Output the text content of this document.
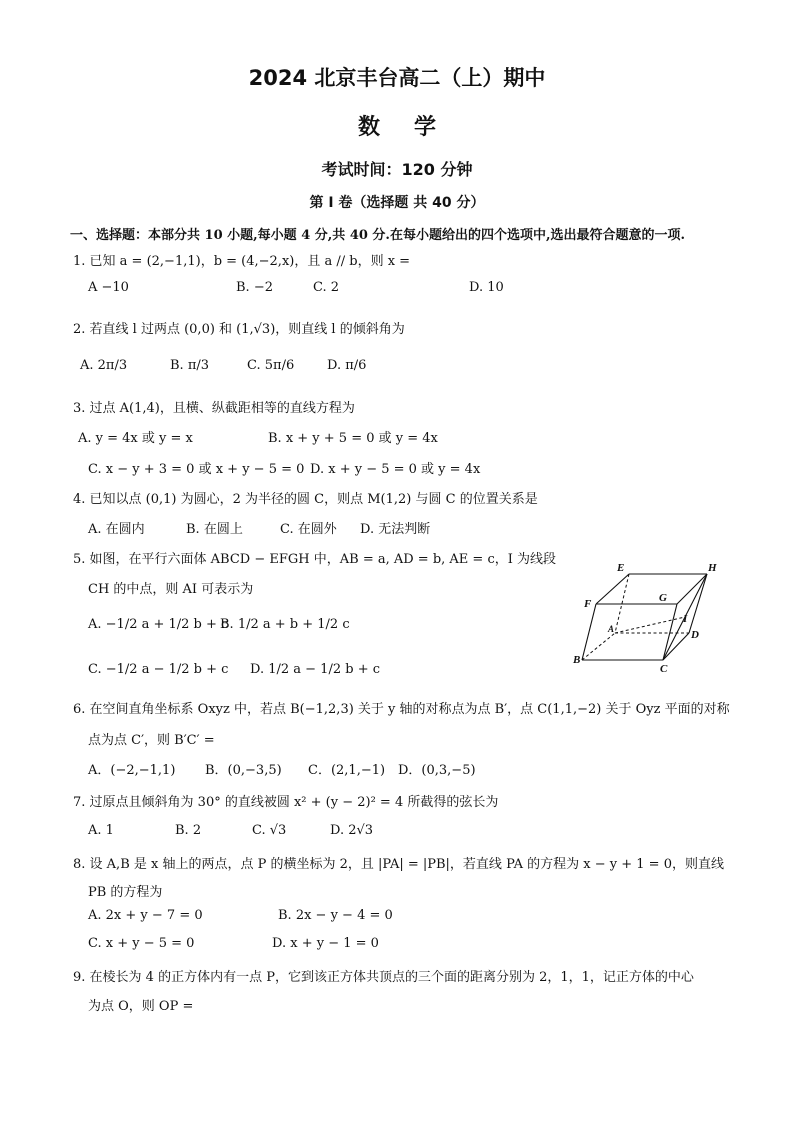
2024 北京丰台高二（上）期中
数学
考试时间：120 分钟
第 I 卷（选择题 共 40 分）
一、选择题：本部分共 10 小题,每小题 4 分,共 40 分.在每小题给出的四个选项中,选出最符合题意的一项.
1. 已知 a = (2,−1,1)，b = (4,−2,x)，且 a // b，则 x =
A −10	B. −2	C. 2	D. 10
2. 若直线 l 过两点 (0,0) 和 (1,√3)，则直线 l 的倾斜角为
A. 2π/3	B. π/3	C. 5π/6	D. π/6
3. 过点 A(1,4)，且横、纵截距相等的直线方程为
A. y = 4x 或 y = x	B. x + y + 5 = 0 或 y = 4x
C. x − y + 3 = 0 或 x + y − 5 = 0 D. x + y − 5 = 0 或 y = 4x
4. 已知以点 (0,1) 为圆心，2 为半径的圆 C，则点 M(1,2) 与圆 C 的位置关系是
A. 在圆内	B. 在圆上	C. 在圆外 D. 无法判断
5. 如图，在平行六面体 ABCD − EFGH 中，AB = a, AD = b, AE = c，I 为线段
CH 的中点，则 AI 可表示为
A. −1/2 a + 1/2 b + c
B. 1/2 a + b + 1/2 c
C. −1/2 a − 1/2 b + c D. 1/2 a − 1/2 b + c
E	H
F	G
A
I
D
B
C
6. 在空间直角坐标系 Oxyz 中，若点 B(−1,2,3) 关于 y 轴的对称点为点 B′，点 C(1,1,−2) 关于 Oyz 平面的对称
点为点 C′，则 B′C′ =
A．(−2,−1,1) B．(0,−3,5) C．(2,1,−1) D．(0,3,−5)
7. 过原点且倾斜角为 30° 的直线被圆 x² + (y − 2)² = 4 所截得的弦长为
A. 1	B. 2	C. √3	D. 2√3
8. 设 A,B 是 x 轴上的两点，点 P 的横坐标为 2，且 |PA| = |PB|，若直线 PA 的方程为 x − y + 1 = 0，则直线
PB 的方程为
A. 2x + y − 7 = 0	B. 2x − y − 4 = 0
C. x + y − 5 = 0	D. x + y − 1 = 0
9. 在棱长为 4 的正方体内有一点 P，它到该正方体共顶点的三个面的距离分别为 2，1，1，记正方体的中心
为点 O，则 OP =
